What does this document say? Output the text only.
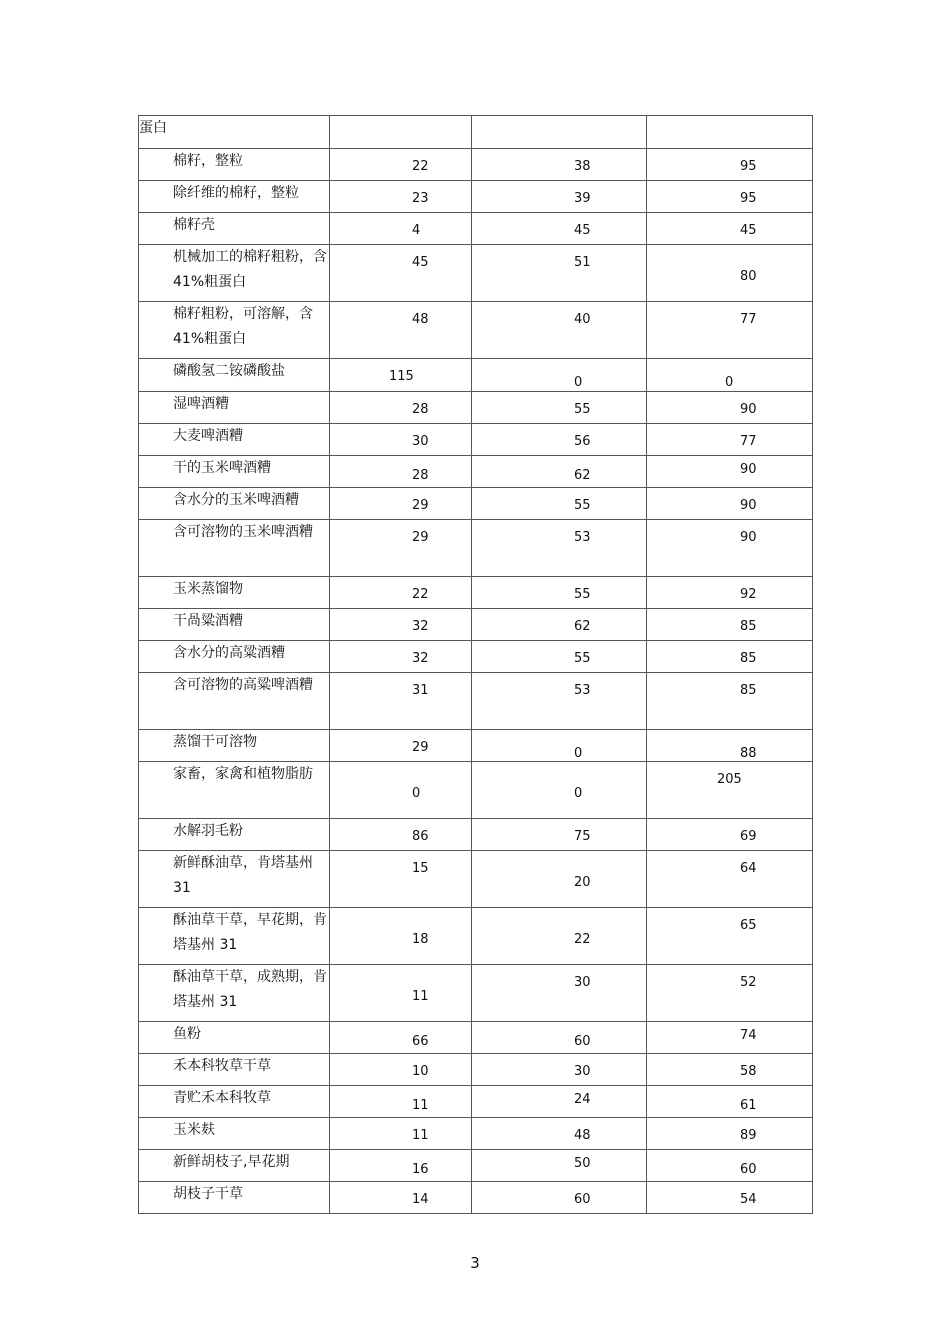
蛋白			

棉籽，整粒	22	38	95

除纤维的棉籽，整粒	23	39	95

棉籽壳	4	45	45

机械加工的棉籽粗粉，含 41%粗蛋白	45	51	80

棉籽粗粉，可溶解，含 41%粗蛋白	48	40	77

磷酸氢二铵磷酸盐	115	0	0

湿啤酒糟	28	55	90

大麦啤酒糟	30	56	77

干的玉米啤酒糟	28	62	90

含水分的玉米啤酒糟	29	55	90

含可溶物的玉米啤酒糟	29	53	90

玉米蒸馏物	22	55	92

干咼粱酒糟	32	62	85

含水分的高粱酒糟	32	55	85

含可溶物的高粱啤酒糟	31	53	85

蒸馏干可溶物	29	0	88

家畜，家禽和植物脂肪	0	0	205

水解羽毛粉	86	75	69

新鲜酥油草，肯塔基州 31	15	20	64

酥油草干草，早花期，肯塔基州 31	18	22	65

酥油草干草，成熟期，肯塔基州 31	11	30	52

鱼粉	66	60	74

禾本科牧草干草	10	30	58

青贮禾本科牧草	11	24	61

玉米麸	11	48	89

新鲜胡枝子,早花期	16	50	60

胡枝子干草	14	60	54
3
